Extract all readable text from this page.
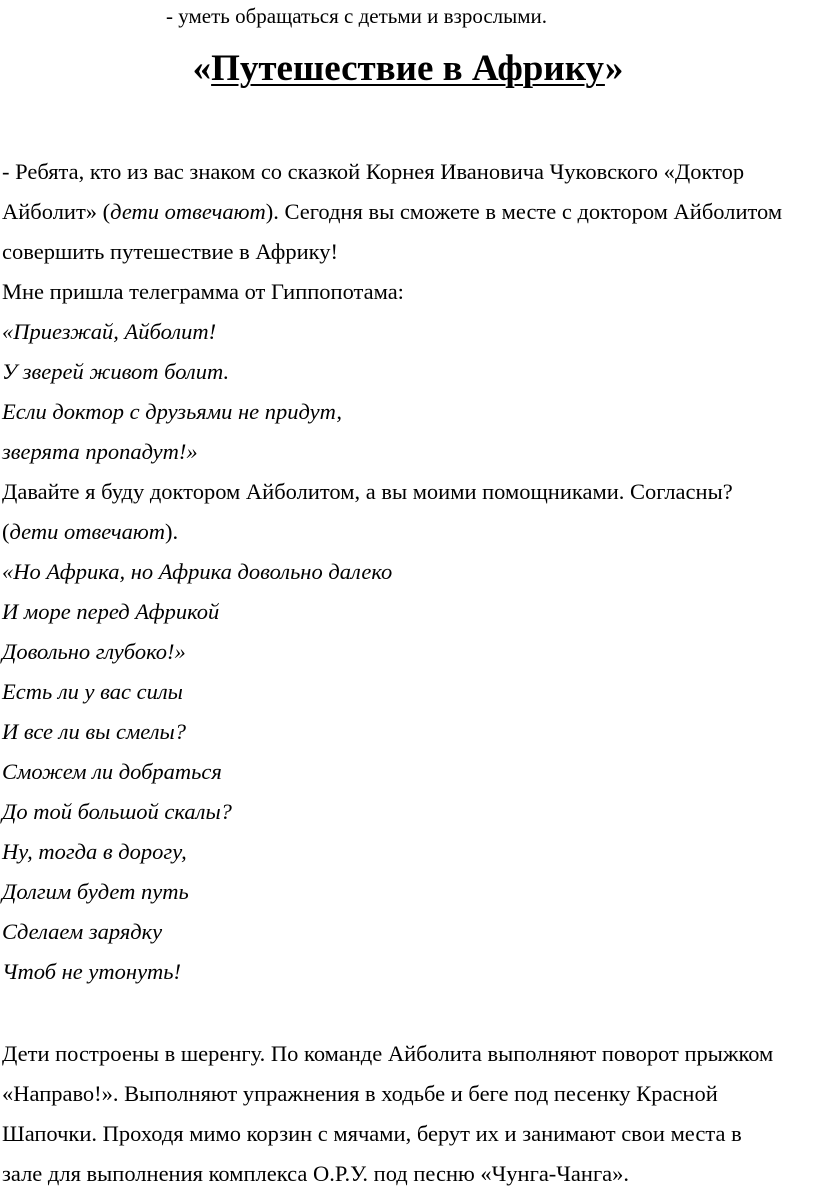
- уметь обращаться с детьми и взрослыми.
«Путешествие в Африку»
- Ребята, кто из вас знаком со сказкой Корнея Ивановича Чуковского «Доктор
Айболит» (дети отвечают). Сегодня вы сможете в месте с доктором Айболитом
совершить путешествие в Африку!
Мне пришла телеграмма от Гиппопотама:
«Приезжай, Айболит!
У зверей живот болит.
Если доктор с друзьями не придут,
зверята пропадут!»
Давайте я буду доктором Айболитом, а вы моими помощниками. Согласны?
(дети отвечают).
«Но Африка, но Африка довольно далеко
И море перед Африкой
Довольно глубоко!»
Есть ли у вас силы
И все ли вы смелы?
Сможем ли добраться
До той большой скалы?
Ну, тогда в дорогу,
Долгим будет путь
Сделаем зарядку
Чтоб не утонуть!
Дети построены в шеренгу. По команде Айболита выполняют поворот прыжком
«Направо!». Выполняют упражнения в ходьбе и беге под песенку Красной
Шапочки. Проходя мимо корзин с мячами, берут их и занимают свои места в
зале для выполнения комплекса О.Р.У. под песню «Чунга-Чанга».
